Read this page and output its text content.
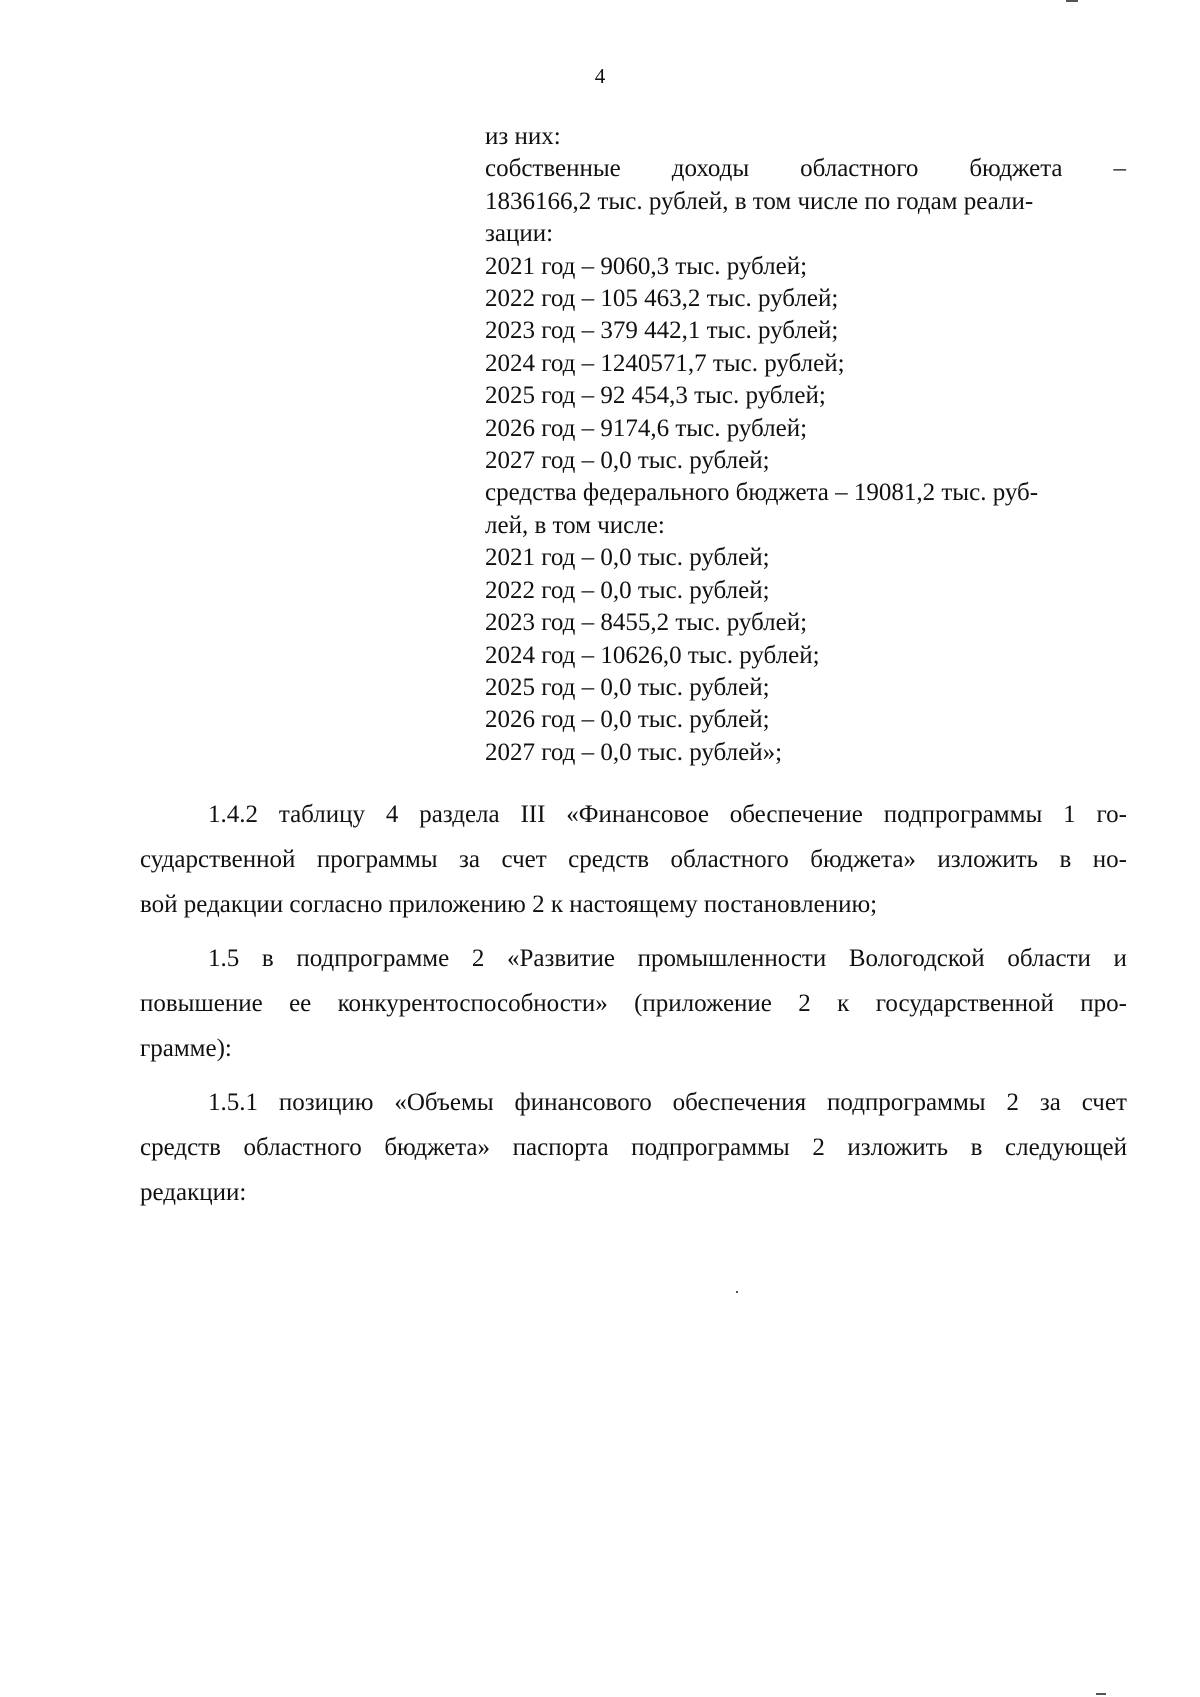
4
из них:
собственные доходы областного бюджета –
1836166,2 тыс. рублей, в том числе по годам реали-
зации:
2021 год – 9060,3 тыс. рублей;
2022 год – 105 463,2 тыс. рублей;
2023 год – 379 442,1 тыс. рублей;
2024 год – 1240571,7 тыс. рублей;
2025 год – 92 454,3 тыс. рублей;
2026 год – 9174,6 тыс. рублей;
2027 год – 0,0 тыс. рублей;
средства федерального бюджета – 19081,2 тыс. руб-
лей, в том числе:
2021 год – 0,0 тыс. рублей;
2022 год – 0,0 тыс. рублей;
2023 год – 8455,2 тыс. рублей;
2024 год – 10626,0 тыс. рублей;
2025 год – 0,0 тыс. рублей;
2026 год – 0,0 тыс. рублей;
2027 год – 0,0 тыс. рублей»;
1.4.2 таблицу 4 раздела III «Финансовое обеспечение подпрограммы 1 го-
сударственной программы за счет средств областного бюджета» изложить в но-
вой редакции согласно приложению 2 к настоящему постановлению;
1.5 в подпрограмме 2 «Развитие промышленности Вологодской области и
повышение ее конкурентоспособности» (приложение 2 к государственной про-
грамме):
1.5.1 позицию «Объемы финансового обеспечения подпрограммы 2 за счет
средств областного бюджета» паспорта подпрограммы 2 изложить в следующей
редакции:
